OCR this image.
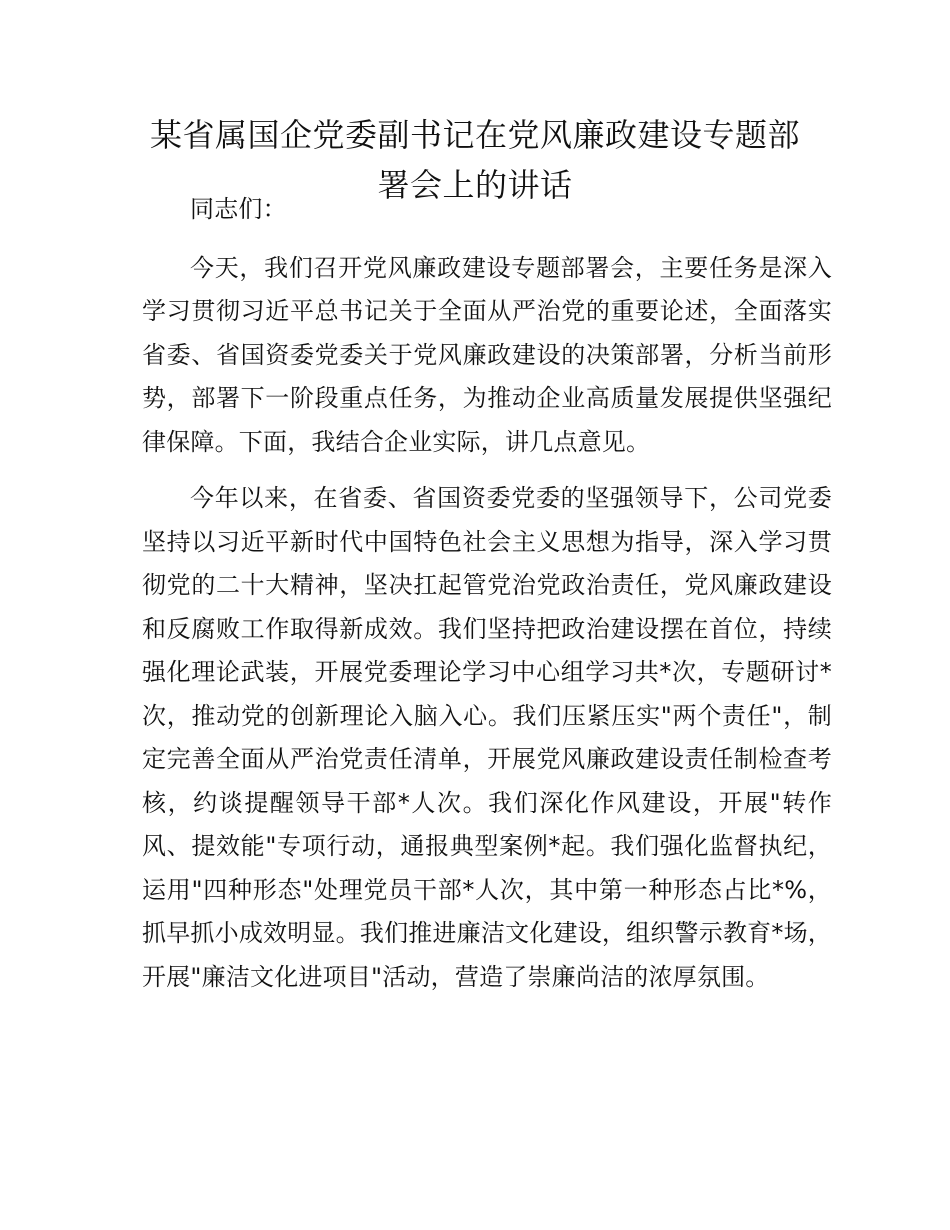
某省属国企党委副书记在党风廉政建设专题部署会上的讲话

同志们：

今天，我们召开党风廉政建设专题部署会，主要任务是深入学习贯彻习近平总书记关于全面从严治党的重要论述，全面落实省委、省国资委党委关于党风廉政建设的决策部署，分析当前形势，部署下一阶段重点任务，为推动企业高质量发展提供坚强纪律保障。下面，我结合企业实际，讲几点意见。

今年以来，在省委、省国资委党委的坚强领导下，公司党委坚持以习近平新时代中国特色社会主义思想为指导，深入学习贯彻党的二十大精神，坚决扛起管党治党政治责任，党风廉政建设和反腐败工作取得新成效。我们坚持把政治建设摆在首位，持续强化理论武装，开展党委理论学习中心组学习共*次，专题研讨*次，推动党的创新理论入脑入心。我们压紧压实"两个责任"，制定完善全面从严治党责任清单，开展党风廉政建设责任制检查考核，约谈提醒领导干部*人次。我们深化作风建设，开展"转作风、提效能"专项行动，通报典型案例*起。我们强化监督执纪，运用"四种形态"处理党员干部*人次，其中第一种形态占比*%，抓早抓小成效明显。我们推进廉洁文化建设，组织警示教育*场，开展"廉洁文化进项目"活动，营造了崇廉尚洁的浓厚氛围。
